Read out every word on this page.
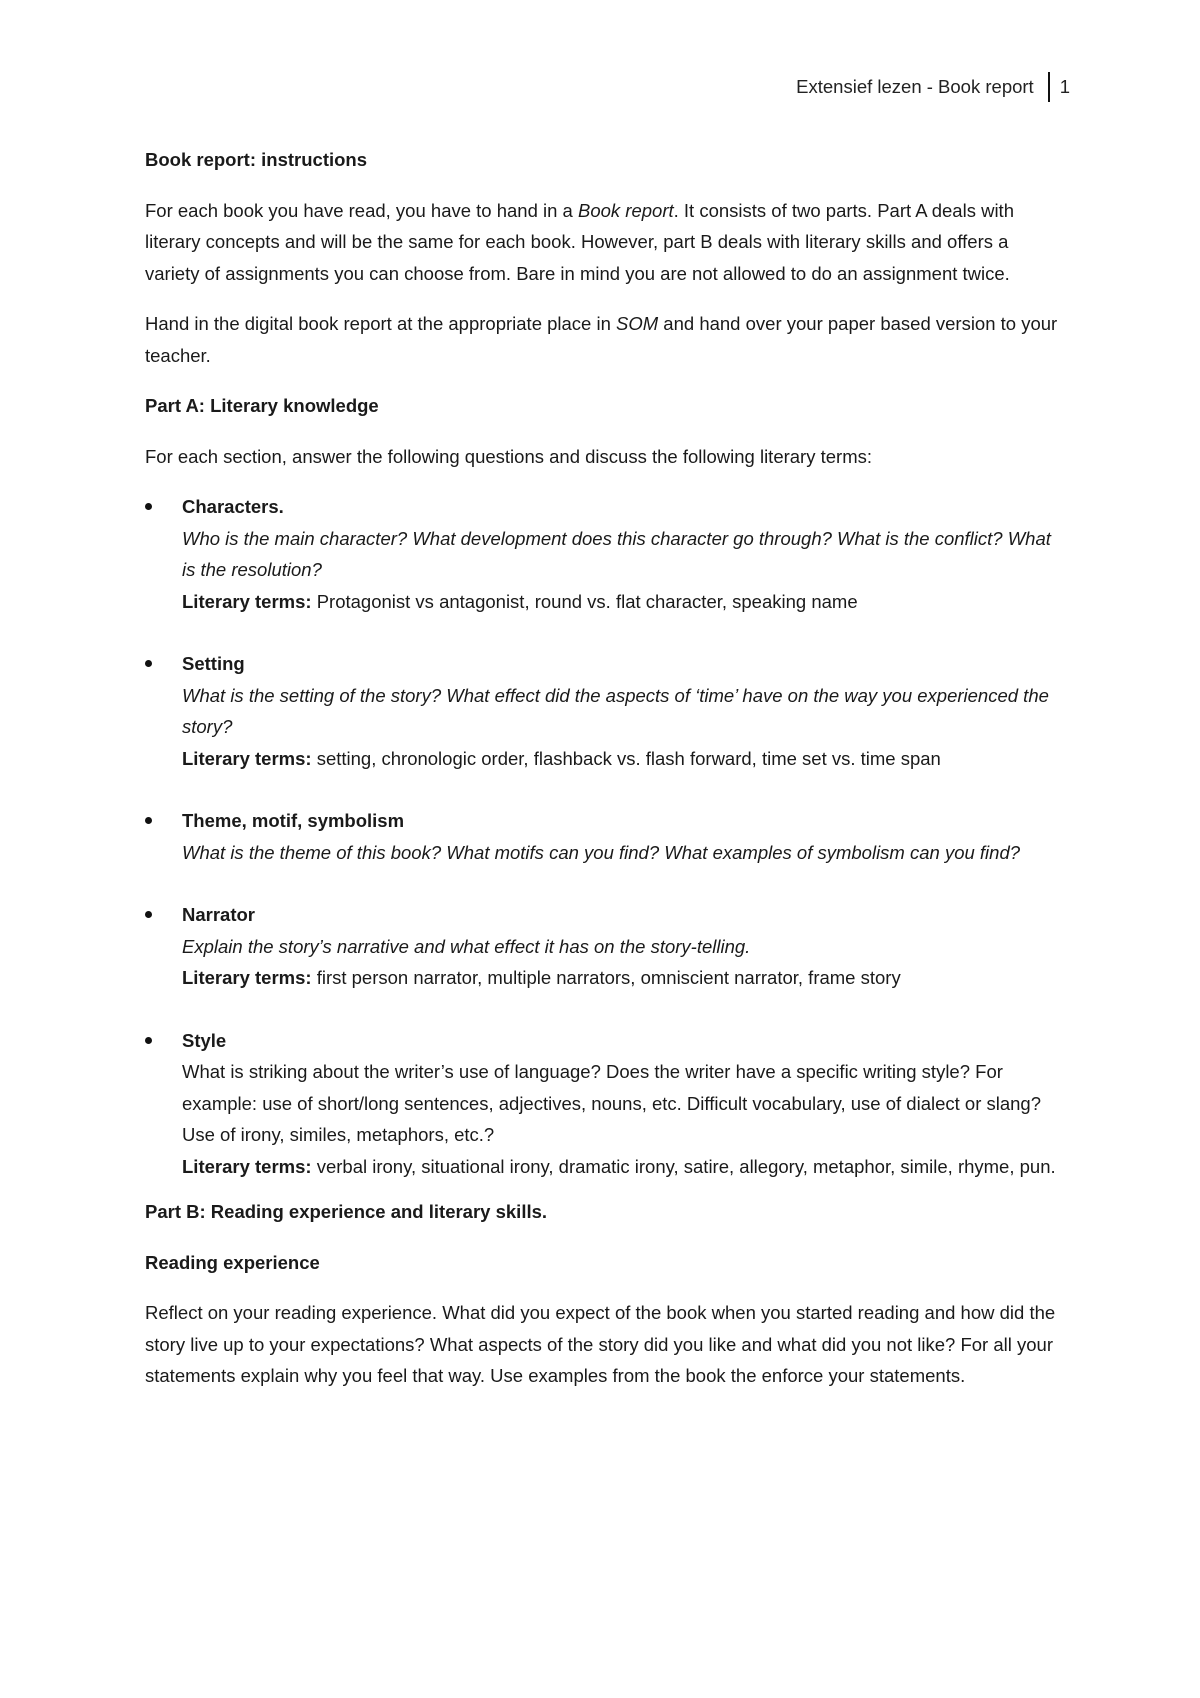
Extensief lezen - Book report	1
Book report: instructions
For each book you have read, you have to hand in a Book report. It consists of two parts. Part A deals with literary concepts and will be the same for each book. However, part B deals with literary skills and offers a variety of assignments you can choose from. Bare in mind you are not allowed to do an assignment twice.
Hand in the digital book report at the appropriate place in SOM and hand over your paper based version to your teacher.
Part A: Literary knowledge
For each section, answer the following questions and discuss the following literary terms:
Characters.
Who is the main character? What development does this character go through? What is the conflict? What is the resolution?
Literary terms: Protagonist vs antagonist, round vs. flat character, speaking name
Setting
What is the setting of the story? What effect did the aspects of ‘time’ have on the way you experienced the story?
Literary terms: setting, chronologic order, flashback vs. flash forward, time set vs. time span
Theme, motif, symbolism
What is the theme of this book? What motifs can you find? What examples of symbolism can you find?
Narrator
Explain the story’s narrative and what effect it has on the story-telling.
Literary terms: first person narrator, multiple narrators, omniscient narrator, frame story
Style
What is striking about the writer’s use of language? Does the writer have a specific writing style? For example: use of short/long sentences, adjectives, nouns, etc. Difficult vocabulary, use of dialect or slang? Use of irony, similes, metaphors, etc.?
Literary terms: verbal irony, situational irony, dramatic irony, satire, allegory, metaphor, simile, rhyme, pun.
Part B: Reading experience and literary skills.
Reading experience
Reflect on your reading experience. What did you expect of the book when you started reading and how did the story live up to your expectations? What aspects of the story did you like and what did you not like? For all your statements explain why you feel that way. Use examples from the book the enforce your statements.
